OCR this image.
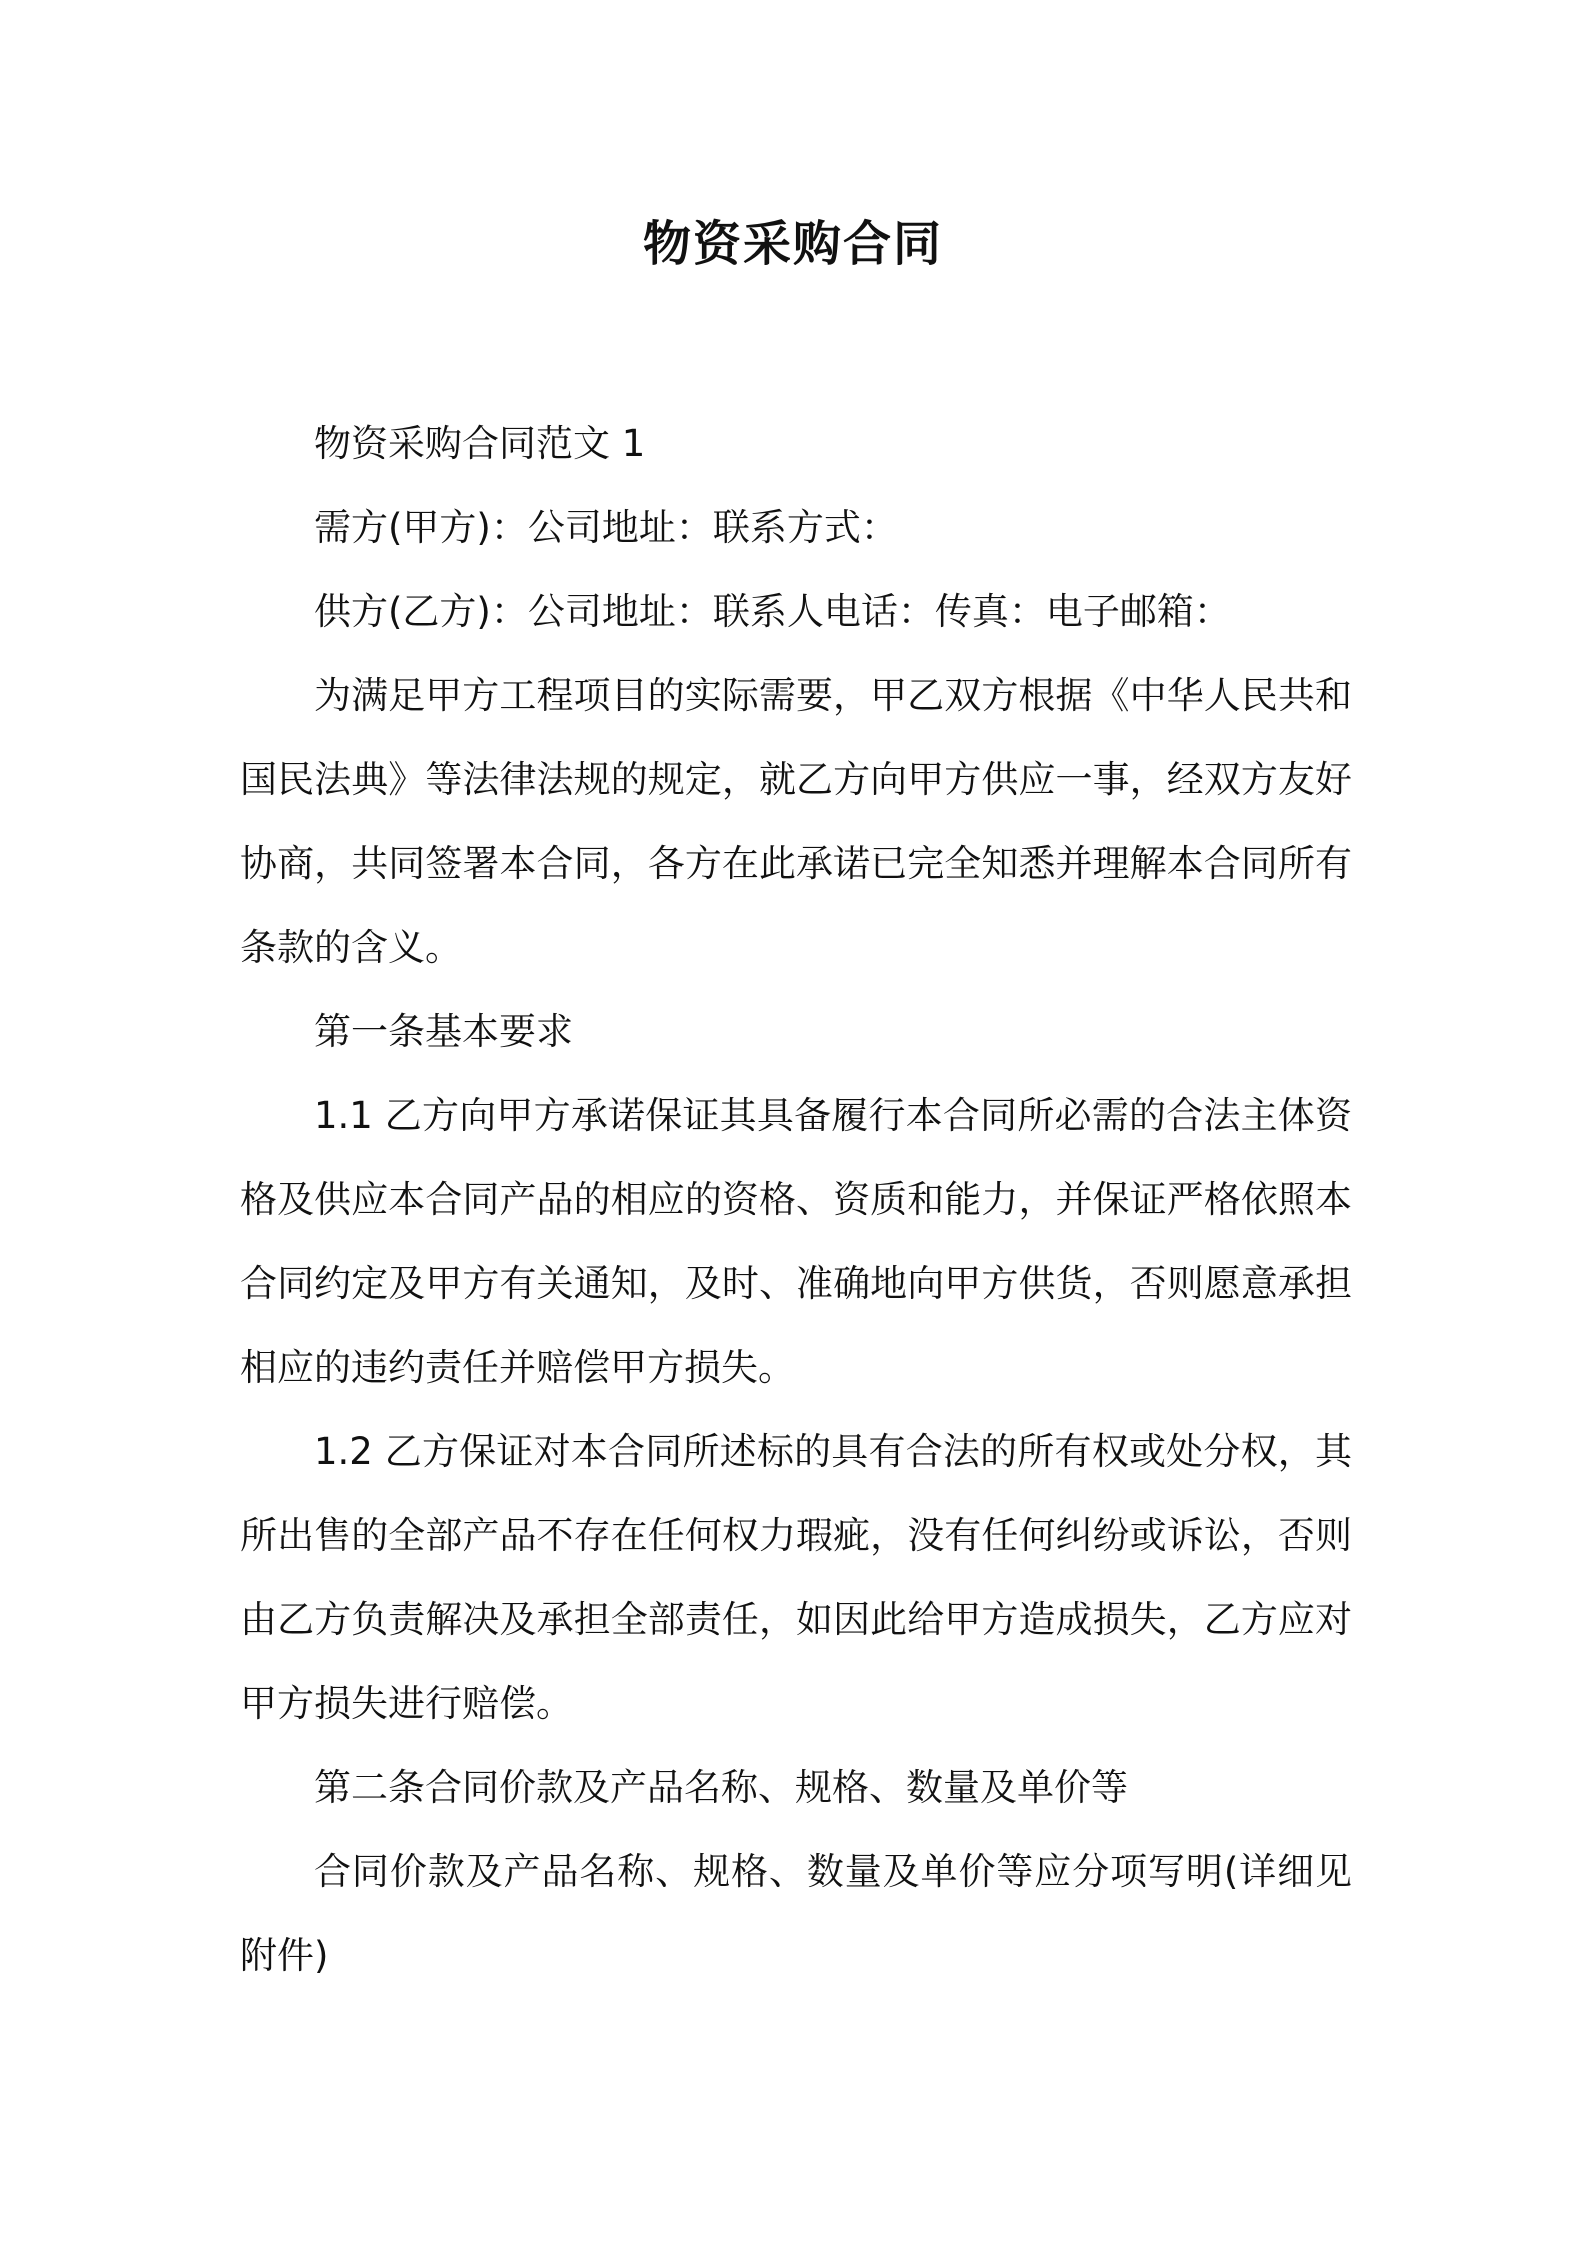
物资采购合同

物资采购合同范文 1

需方(甲方)：公司地址：联系方式：

供方(乙方)：公司地址：联系人电话：传真：电子邮箱：

为满足甲方工程项目的实际需要，甲乙双方根据《中华人民共和国民法典》等法律法规的规定，就乙方向甲方供应一事，经双方友好协商，共同签署本合同，各方在此承诺已完全知悉并理解本合同所有条款的含义。

第一条基本要求

1.1 乙方向甲方承诺保证其具备履行本合同所必需的合法主体资格及供应本合同产品的相应的资格、资质和能力，并保证严格依照本合同约定及甲方有关通知，及时、准确地向甲方供货，否则愿意承担相应的违约责任并赔偿甲方损失。

1.2 乙方保证对本合同所述标的具有合法的所有权或处分权，其所出售的全部产品不存在任何权力瑕疵，没有任何纠纷或诉讼，否则由乙方负责解决及承担全部责任，如因此给甲方造成损失，乙方应对甲方损失进行赔偿。

第二条合同价款及产品名称、规格、数量及单价等

合同价款及产品名称、规格、数量及单价等应分项写明(详细见附件)
